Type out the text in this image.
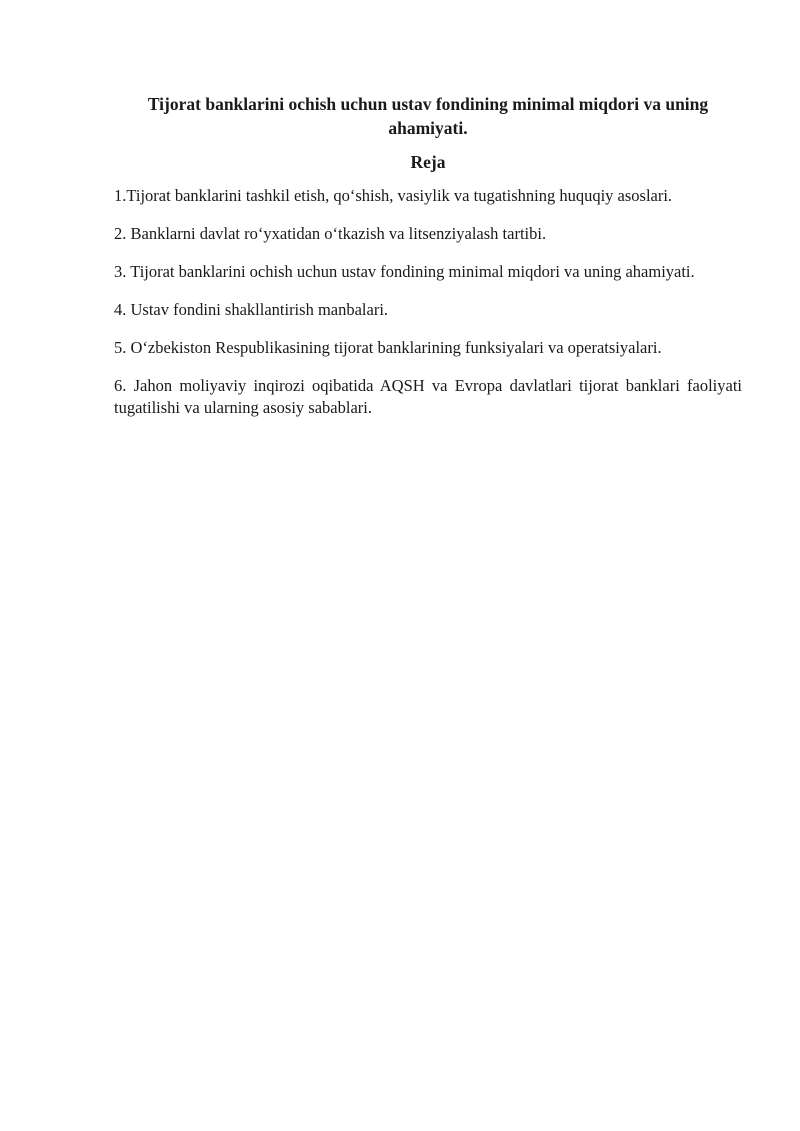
Tijorat banklarini ochish uchun ustav fondining minimal miqdori va uning ahamiyati.
Reja
1.Tijorat banklarini tashkil etish, qo‘shish, vasiylik va tugatishning huquqiy asoslari.
2. Banklarni davlat ro‘yxatidan o‘tkazish va litsenziyalash tartibi.
3. Tijorat banklarini ochish uchun ustav fondining minimal miqdori va uning ahamiyati.
4. Ustav fondini shakllantirish manbalari.
5. O‘zbekiston Respublikasining tijorat banklarining funksiyalari va operatsiyalari.
6. Jahon moliyaviy inqirozi oqibatida AQSH va Evropa davlatlari tijorat banklari faoliyati tugatilishi va ularning asosiy sabablari.
